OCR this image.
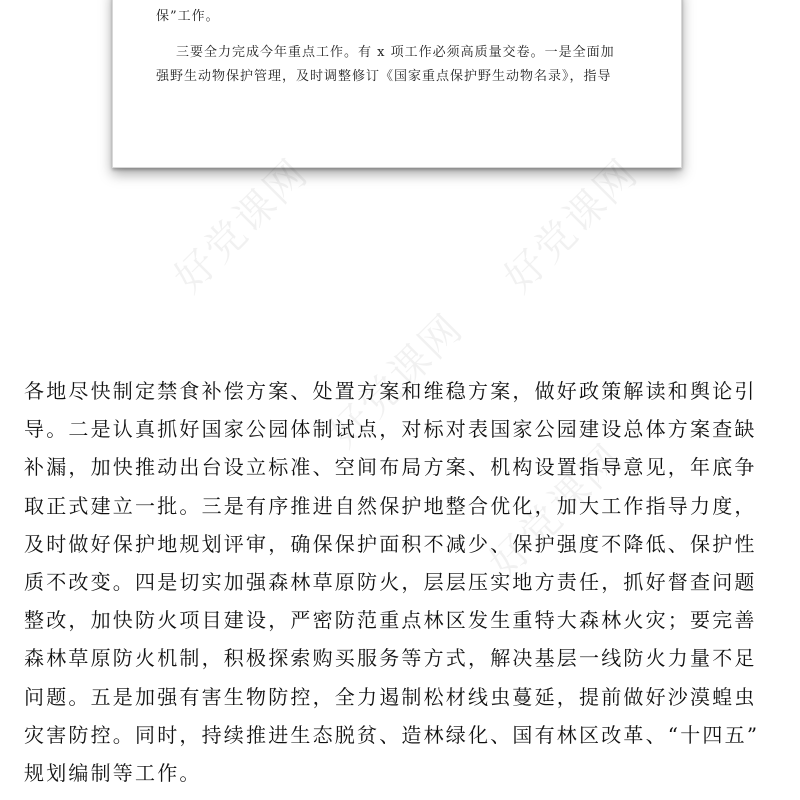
保”工作。
三要全力完成今年重点工作。有 x 项工作必须高质量交卷。一是全面加
强野生动物保护管理，及时调整修订《国家重点保护野生动物名录》，指导
好党课网	好党课网
好党课网
好党课网
各地尽快制定禁食补偿方案、处置方案和维稳方案，做好政策解读和舆论引
导。二是认真抓好国家公园体制试点，对标对表国家公园建设总体方案查缺
补漏，加快推动出台设立标准、空间布局方案、机构设置指导意见，年底争
取正式建立一批。三是有序推进自然保护地整合优化，加大工作指导力度，
及时做好保护地规划评审，确保保护面积不减少、保护强度不降低、保护性
质不改变。四是切实加强森林草原防火，层层压实地方责任，抓好督查问题
整改，加快防火项目建设，严密防范重点林区发生重特大森林火灾；要完善
森林草原防火机制，积极探索购买服务等方式，解决基层一线防火力量不足
问题。五是加强有害生物防控，全力遏制松材线虫蔓延，提前做好沙漠蝗虫
灾害防控。同时，持续推进生态脱贫、造林绿化、国有林区改革、“十四五”
规划编制等工作。
